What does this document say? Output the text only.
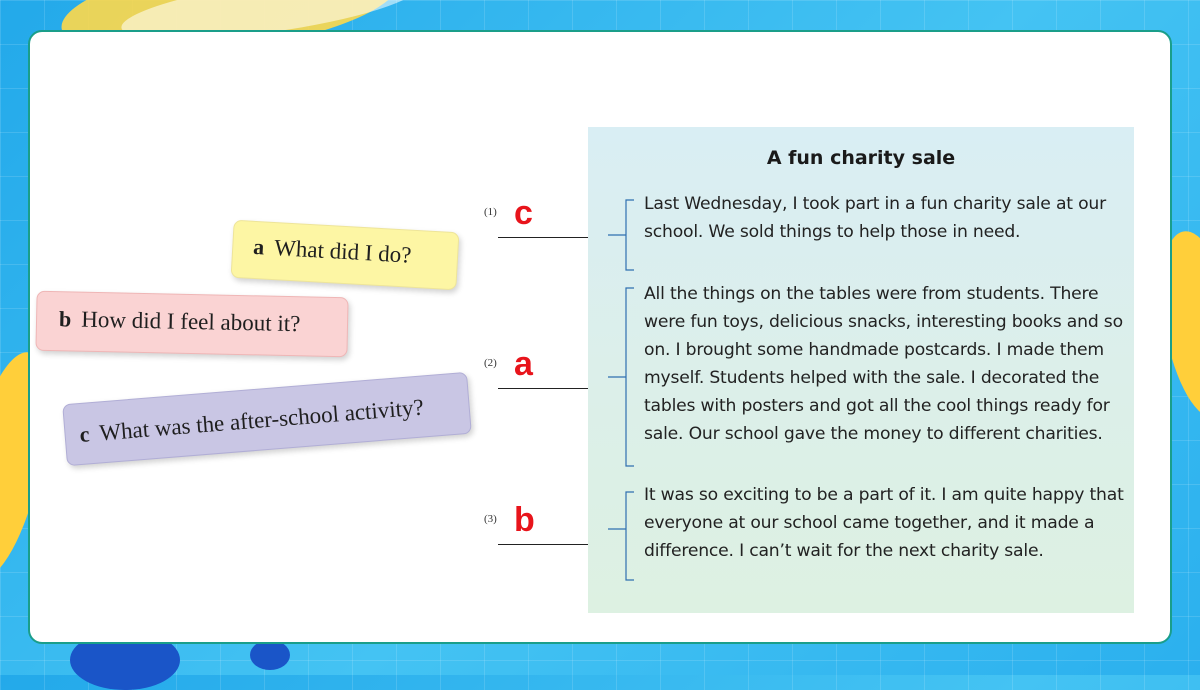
a What did I do?
b How did I feel about it?
c What was the after-school activity?
(1) c
(2) a
(3) b
A fun charity sale
Last Wednesday, I took part in a fun charity sale at our school. We sold things to help those in need.
All the things on the tables were from students. There were fun toys, delicious snacks, interesting books and so on. I brought some handmade postcards. I made them myself. Students helped with the sale. I decorated the tables with posters and got all the cool things ready for sale. Our school gave the money to different charities.
It was so exciting to be a part of it. I am quite happy that everyone at our school came together, and it made a difference. I can’t wait for the next charity sale.
